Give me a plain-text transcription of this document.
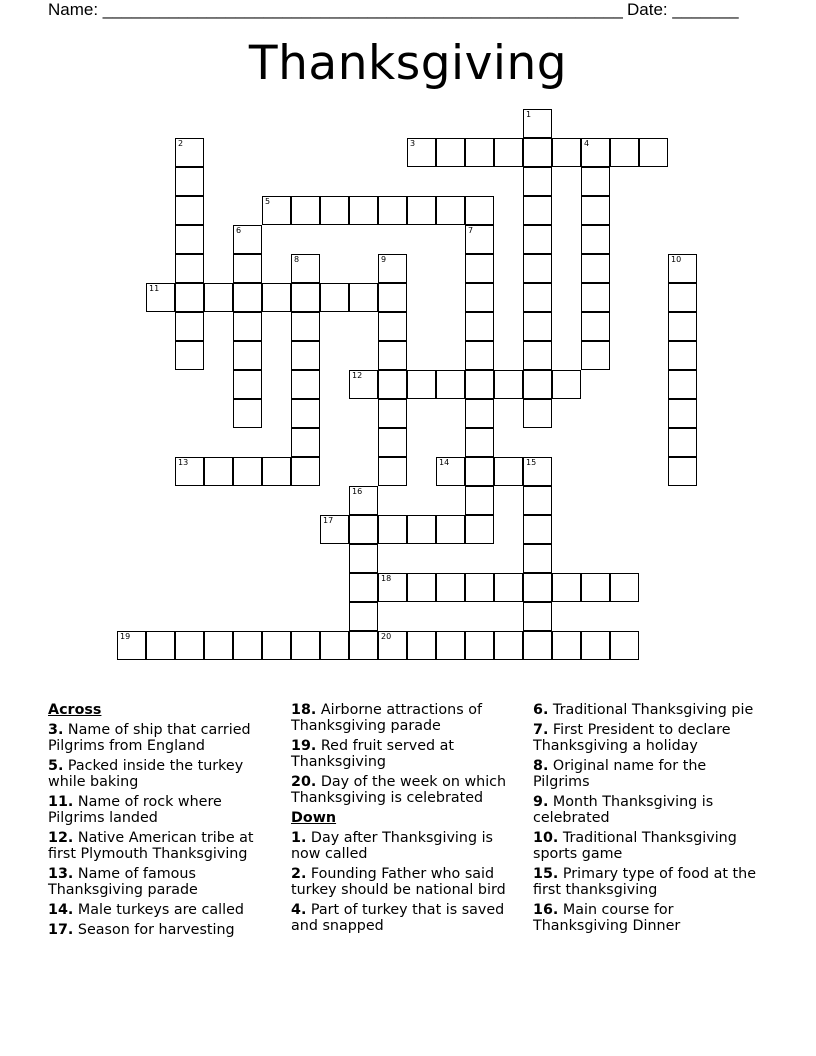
Name: _______________________________________________________ Date: _______
Thanksgiving
1
2	3	4
5
6	7
8	9	10
11
12
13	14	15
16
17
18
19	20
Across
3. Name of ship that carried Pilgrims from England
5. Packed inside the turkey while baking
11. Name of rock where Pilgrims landed
12. Native American tribe at first Plymouth Thanksgiving
13. Name of famous Thanksgiving parade
14. Male turkeys are called
17. Season for harvesting
18. Airborne attractions of Thanksgiving parade
19. Red fruit served at Thanksgiving
20. Day of the week on which Thanksgiving is celebrated
Down
1. Day after Thanksgiving is now called
2. Founding Father who said turkey should be national bird
4. Part of turkey that is saved and snapped
6. Traditional Thanksgiving pie
7. First President to declare Thanksgiving a holiday
8. Original name for the Pilgrims
9. Month Thanksgiving is celebrated
10. Traditional Thanksgiving sports game
15. Primary type of food at the first thanksgiving
16. Main course for Thanksgiving Dinner
